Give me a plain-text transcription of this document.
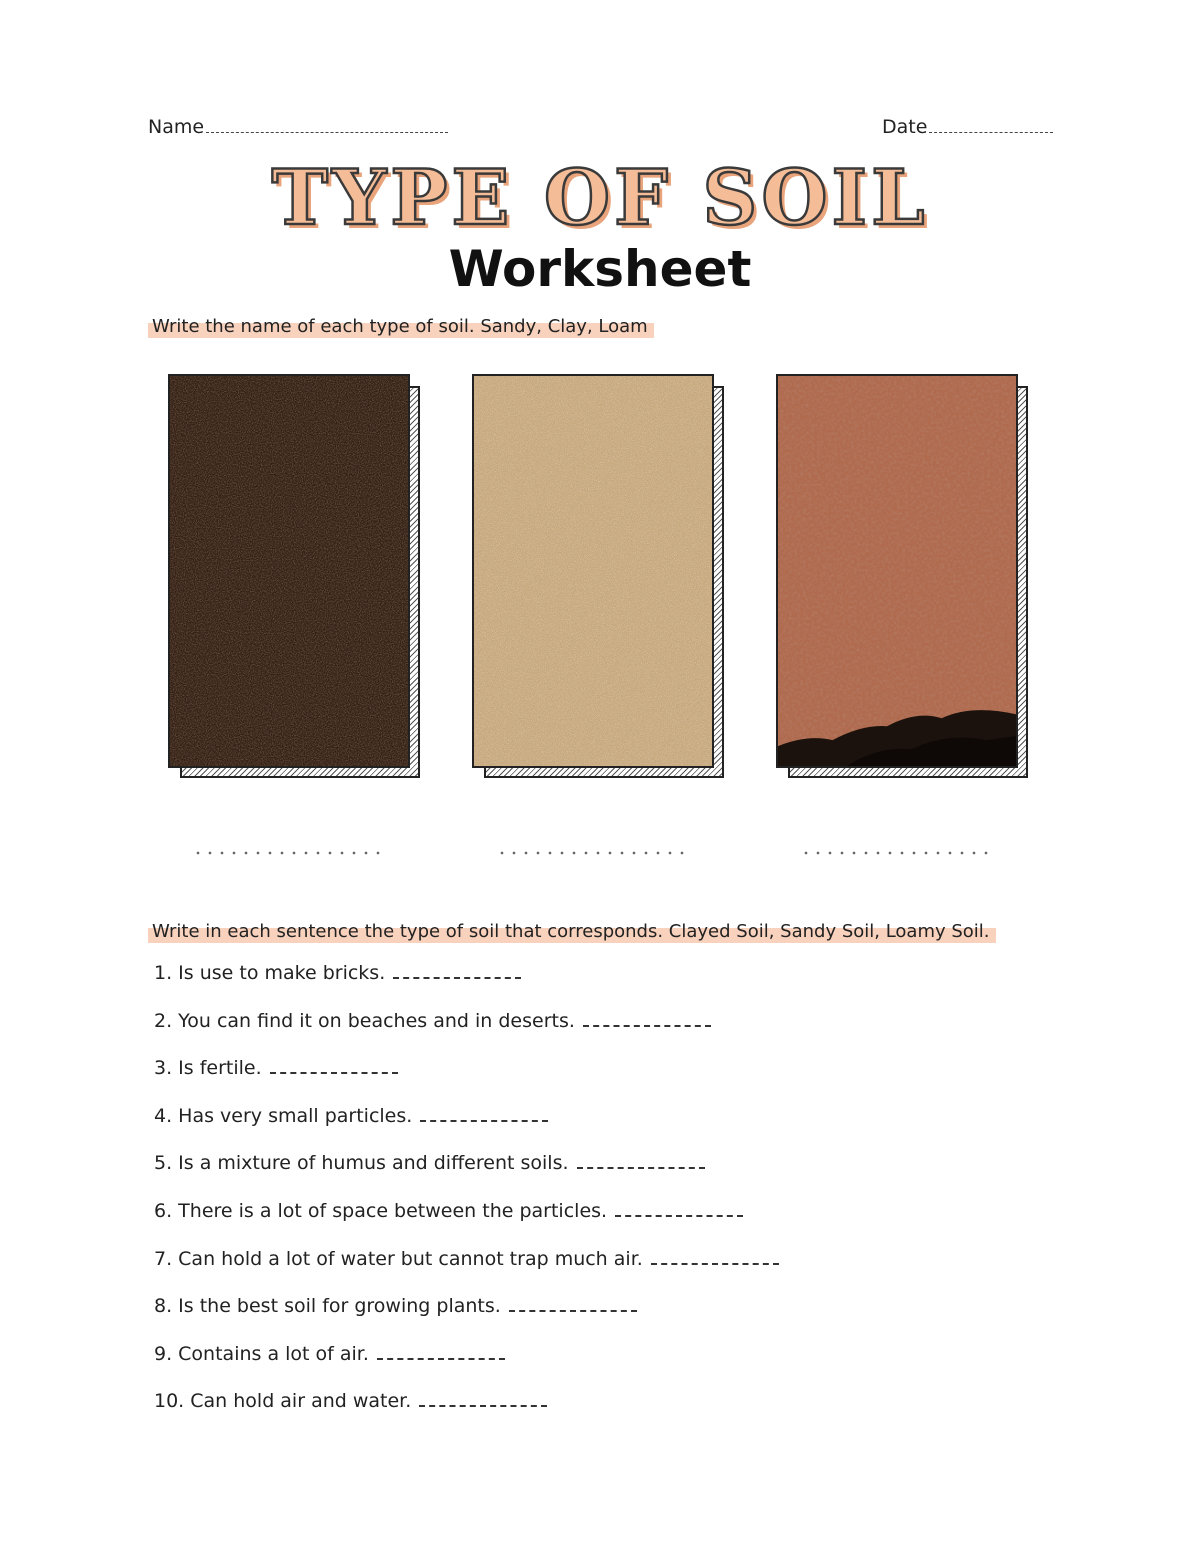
Name	Date
TYPE OF SOIL
Worksheet
Write the name of each type of soil. Sandy, Clay, Loam
Write in each sentence the type of soil that corresponds. Clayed Soil, Sandy Soil, Loamy Soil.
1. Is use to make bricks.
2. You can find it on beaches and in deserts.
3. Is fertile.
4. Has very small particles.
5. Is a mixture of humus and different soils.
6. There is a lot of space between the particles.
7. Can hold a lot of water but cannot trap much air.
8. Is the best soil for growing plants.
9. Contains a lot of air.
10. Can hold air and water.
